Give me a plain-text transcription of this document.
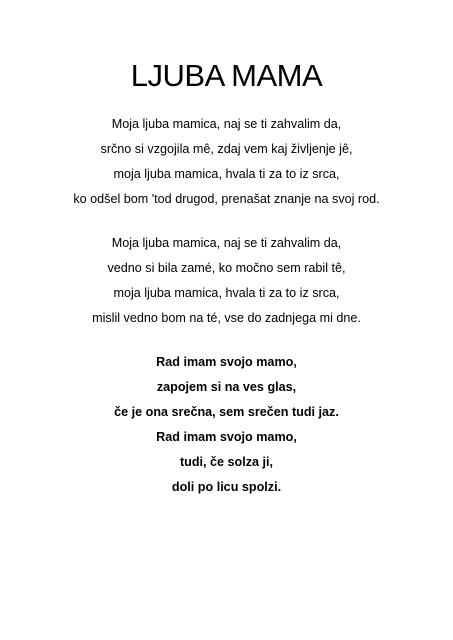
LJUBA MAMA
Moja ljuba mamica, naj se ti zahvalim da,
srčno si vzgojila mê, zdaj vem kaj življenje jê,
moja ljuba mamica, hvala ti za to iz srca,
ko odšel bom 'tod drugod, prenašat znanje na svoj rod.
Moja ljuba mamica, naj se ti zahvalim da,
vedno si bila zamé, ko močno sem rabil tê,
moja ljuba mamica, hvala ti za to iz srca,
mislil vedno bom na té, vse do zadnjega mi dne.
Rad imam svojo mamo,
zapojem si na ves glas,
če je ona srečna, sem srečen tudi jaz.
Rad imam svojo mamo,
tudi, če solza ji,
doli po licu spolzi.
